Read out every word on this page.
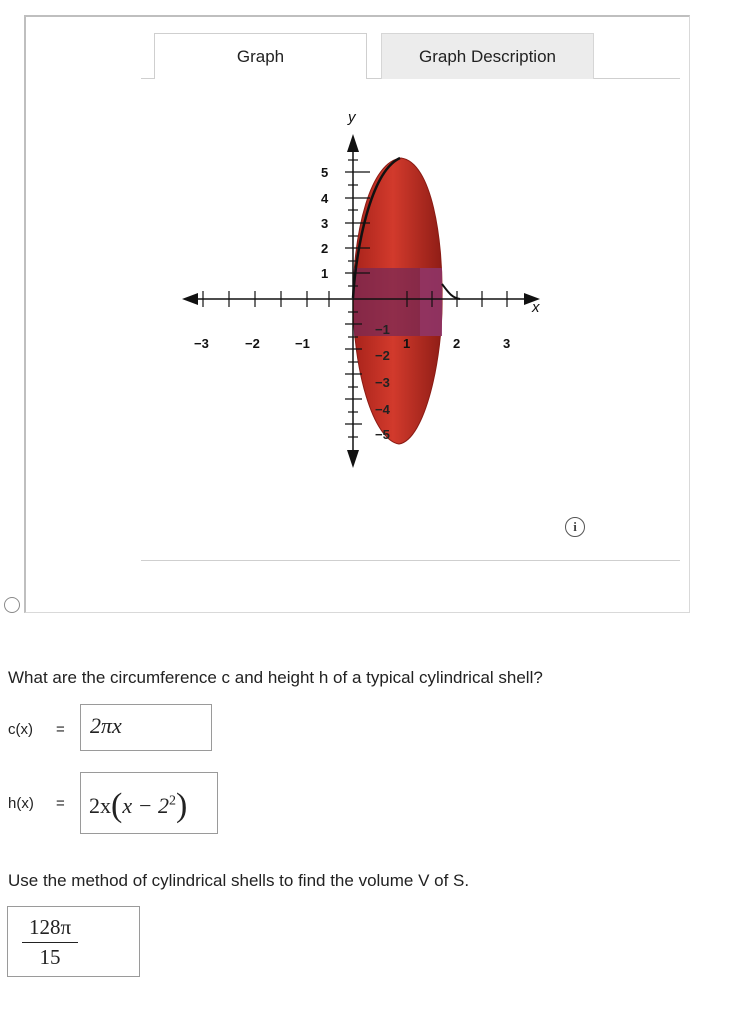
Graph	Graph Description
y
x
−3	−2	−1	1	2	3
5
4
3
2
1
−1
−2
−3
−4
−5
i
What are the circumference c and height h of a typical cylindrical shell?
c(x) =	2πx
h(x) =	$2x(x - 2^2)$
Use the method of cylindrical shells to find the volume V of S.
$\frac{128\pi}{15}$
